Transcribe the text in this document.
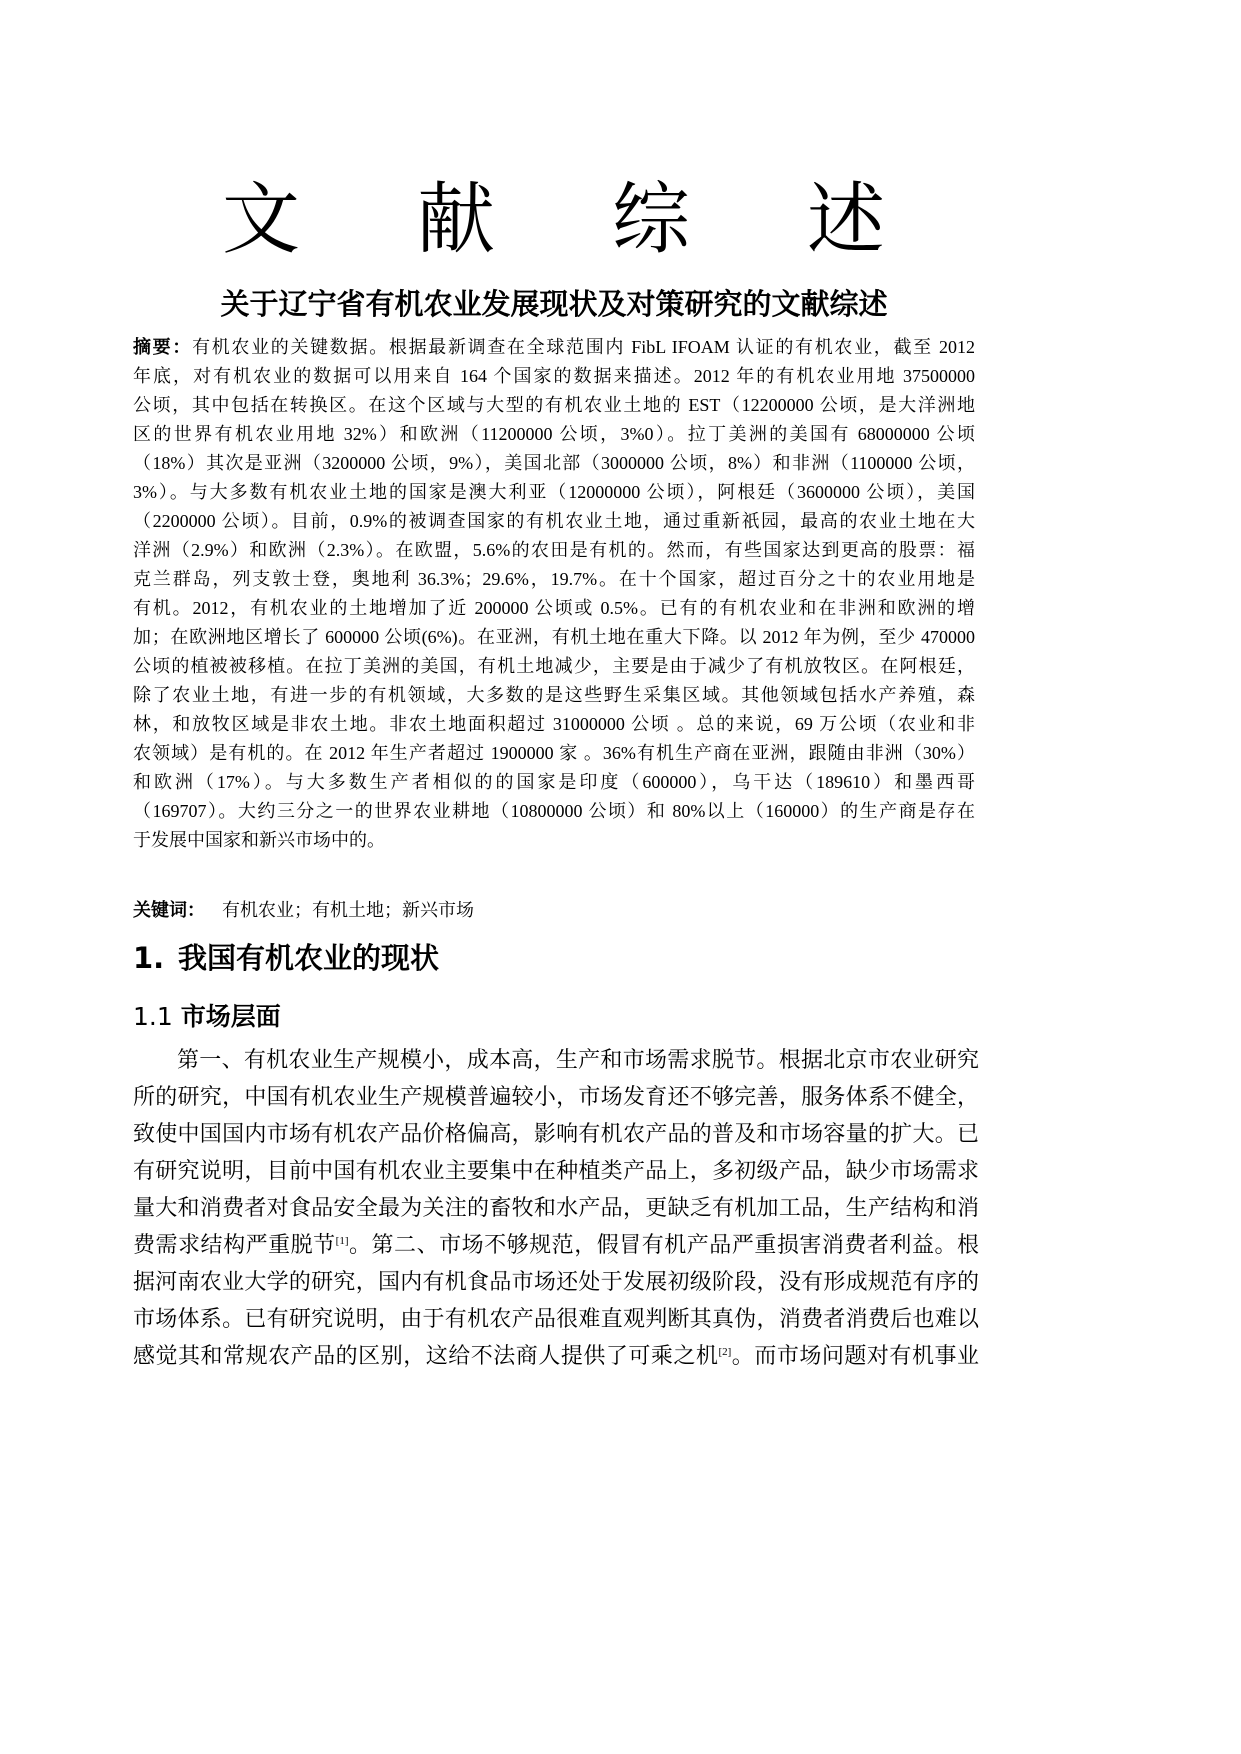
文 献 综 述
关于辽宁省有机农业发展现状及对策研究的文献综述
摘要：有机农业的关键数据。根据最新调查在全球范围内 FibL IFOAM 认证的有机农业，截至 2012
年底，对有机农业的数据可以用来自 164 个国家的数据来描述。2012 年的有机农业用地 37500000
公顷，其中包括在转换区。在这个区域与大型的有机农业土地的 EST（12200000 公顷，是大洋洲地
区的世界有机农业用地 32%）和欧洲（11200000 公顷，3%0）。拉丁美洲的美国有 68000000 公顷
（18%）其次是亚洲（3200000 公顷，9%），美国北部（3000000 公顷，8%）和非洲（1100000 公顷，
3%）。与大多数有机农业土地的国家是澳大利亚（12000000 公顷），阿根廷（3600000 公顷），美国
（2200000 公顷）。目前，0.9%的被调查国家的有机农业土地，通过重新祇园，最高的农业土地在大
洋洲（2.9%）和欧洲（2.3%）。在欧盟，5.6%的农田是有机的。然而，有些国家达到更高的股票：福
克兰群岛，列支敦士登，奥地利 36.3%；29.6%，19.7%。在十个国家，超过百分之十的农业用地是
有机。2012，有机农业的土地增加了近 200000 公顷或 0.5%。已有的有机农业和在非洲和欧洲的增
加；在欧洲地区增长了 600000 公顷(6%)。在亚洲，有机土地在重大下降。以 2012 年为例，至少 470000
公顷的植被被移植。在拉丁美洲的美国，有机土地减少，主要是由于减少了有机放牧区。在阿根廷，
除了农业土地，有进一步的有机领域，大多数的是这些野生采集区域。其他领域包括水产养殖，森
林，和放牧区域是非农土地。非农土地面积超过 31000000 公顷 。总的来说，69 万公顷（农业和非
农领域）是有机的。在 2012 年生产者超过 1900000 家 。36%有机生产商在亚洲，跟随由非洲（30%）
和欧洲（17%）。与大多数生产者相似的的国家是印度（600000），乌干达（189610）和墨西哥
（169707）。大约三分之一的世界农业耕地（10800000 公顷）和 80%以上（160000）的生产商是存在
于发展中国家和新兴市场中的。
关键词： 有机农业；有机土地；新兴市场
1. 我国有机农业的现状
1.1 市场层面
第一、有机农业生产规模小，成本高，生产和市场需求脱节。根据北京市农业研究
所的研究，中国有机农业生产规模普遍较小，市场发育还不够完善，服务体系不健全，
致使中国国内市场有机农产品价格偏高，影响有机农产品的普及和市场容量的扩大。已
有研究说明，目前中国有机农业主要集中在种植类产品上，多初级产品，缺少市场需求
量大和消费者对食品安全最为关注的畜牧和水产品，更缺乏有机加工品，生产结构和消
费需求结构严重脱节[1]。第二、市场不够规范，假冒有机产品严重损害消费者利益。根
据河南农业大学的研究，国内有机食品市场还处于发展初级阶段，没有形成规范有序的
市场体系。已有研究说明，由于有机农产品很难直观判断其真伪，消费者消费后也难以
感觉其和常规农产品的区别，这给不法商人提供了可乘之机[2]。而市场问题对有机事业
